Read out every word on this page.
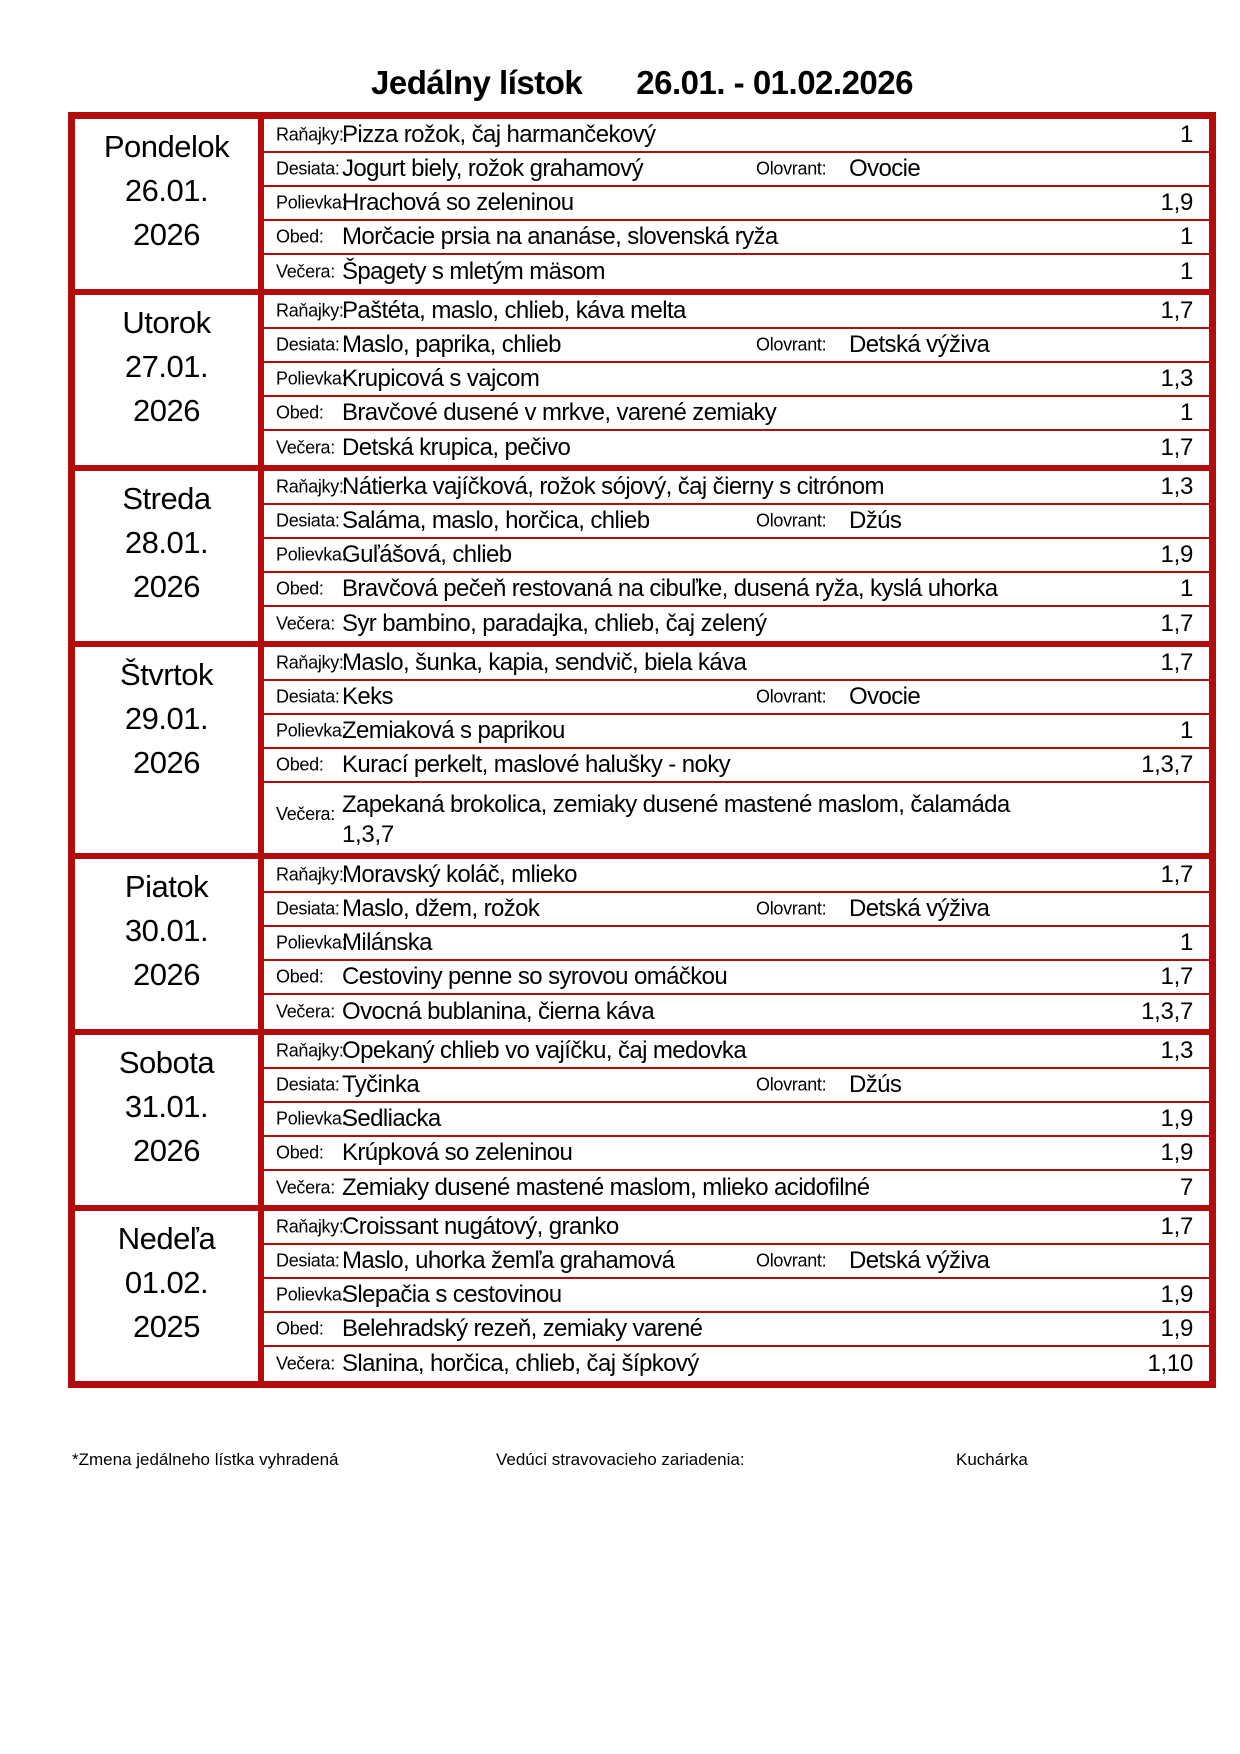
Jedálny lístok 26.01. - 01.02.2026
Pondelok
26.01.
2026
Raňajky:
Pizza rožok, čaj harmančekový	1
Desiata: Jogurt biely, rožok grahamový	Olovrant: Ovocie
Polievka:
Hrachová so zeleninou	1,9
Obed: Morčacie prsia na ananáse, slovenská ryža	1
Večera: Špagety s mletým mäsom	1
Utorok
27.01.
2026
Raňajky:
Paštéta, maslo, chlieb, káva melta	1,7
Desiata: Maslo, paprika, chlieb	Olovrant: Detská výživa
Polievka:
Krupicová s vajcom	1,3
Obed: Bravčové dusené v mrkve, varené zemiaky	1
Večera: Detská krupica, pečivo	1,7
Streda
28.01.
2026
Raňajky:
Nátierka vajíčková, rožok sójový, čaj čierny s citrónom	1,3
Desiata: Saláma, maslo, horčica, chlieb	Olovrant: Džús
Polievka:
Guľášová, chlieb	1,9
Obed: Bravčová pečeň restovaná na cibuľke, dusená ryža, kyslá uhorka	1
Večera: Syr bambino, paradajka, chlieb, čaj zelený	1,7
Štvrtok
29.01.
2026
Raňajky:
Maslo, šunka, kapia, sendvič, biela káva	1,7
Desiata: Keks	Olovrant: Ovocie
Polievka:
Zemiaková s paprikou	1
Obed: Kurací perkelt, maslové halušky - noky	1,3,7
Večera: Zapekaná brokolica, zemiaky dusené mastené maslom, čalamáda
1,3,7
Piatok
30.01.
2026
Raňajky:
Moravský koláč, mlieko	1,7
Desiata: Maslo, džem, rožok	Olovrant: Detská výživa
Polievka:
Milánska	1
Obed: Cestoviny penne so syrovou omáčkou	1,7
Večera: Ovocná bublanina, čierna káva	1,3,7
Sobota
31.01.
2026
Raňajky:
Opekaný chlieb vo vajíčku, čaj medovka	1,3
Desiata: Tyčinka	Olovrant: Džús
Polievka:
Sedliacka	1,9
Obed: Krúpková so zeleninou	1,9
Večera: Zemiaky dusené mastené maslom, mlieko acidofilné	7
Nedeľa
01.02.
2025
Raňajky:
Croissant nugátový, granko	1,7
Desiata: Maslo, uhorka žemľa grahamová	Olovrant: Detská výživa
Polievka:
Slepačia s cestovinou	1,9
Obed: Belehradský rezeň, zemiaky varené	1,9
Večera: Slanina, horčica, chlieb, čaj šípkový	1,10
*Zmena jedálneho lístka vyhradená	Vedúci stravovacieho zariadenia:	Kuchárka
